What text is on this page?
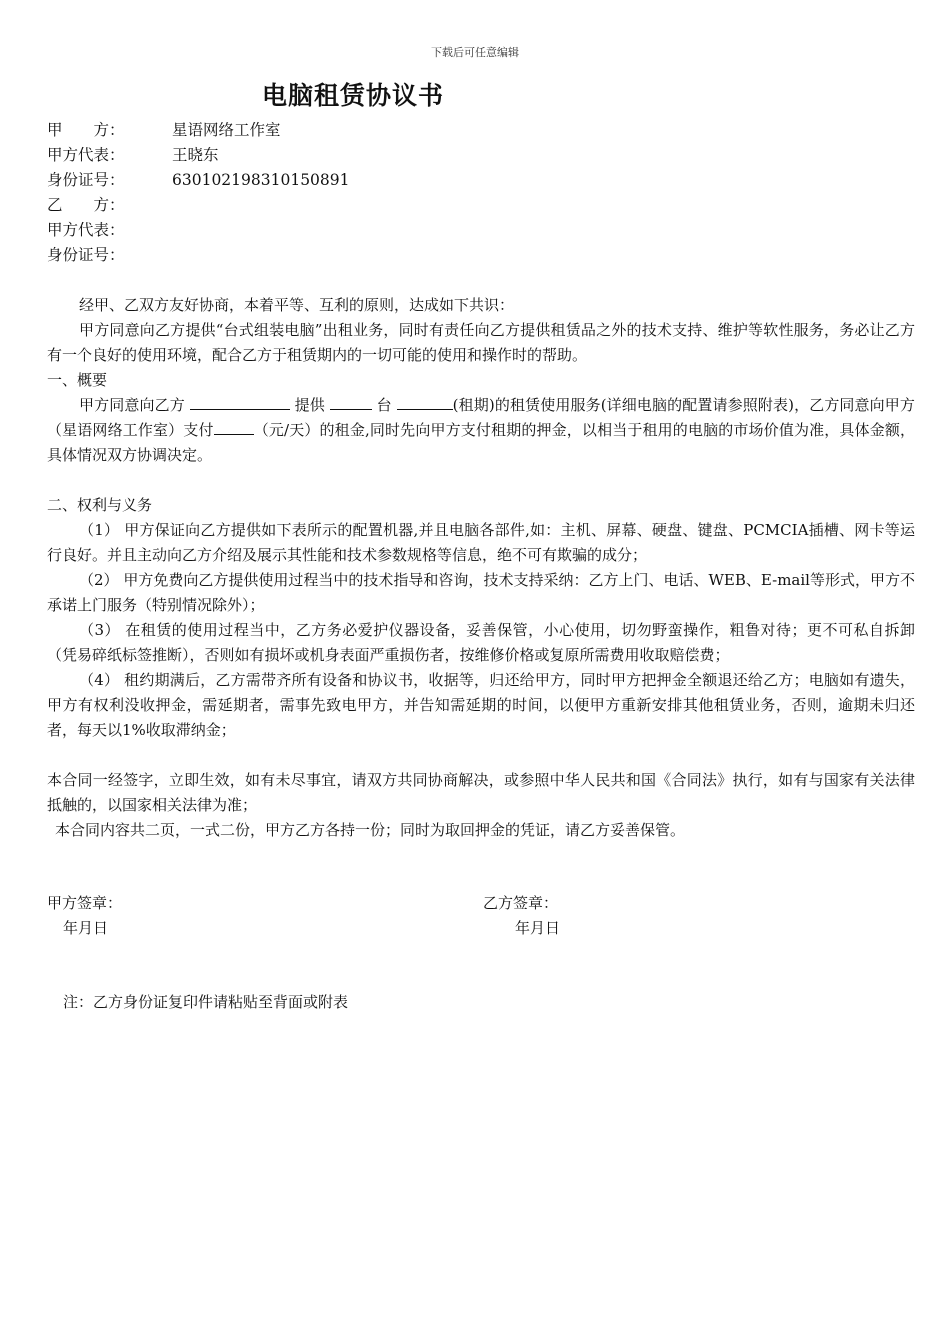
下载后可任意编辑
电脑租赁协议书
甲　　方：	星语网络工作室
甲方代表：	王晓东
身份证号：	630102198310150891
乙　　方：
甲方代表：
身份证号：

经甲、乙双方友好协商，本着平等、互利的原则，达成如下共识：

甲方同意向乙方提供“台式组装电脑”出租业务，同时有责任向乙方提供租赁品之外的技术支持、维护等软性服务，务必让乙方有一个良好的使用环境，配合乙方于租赁期内的一切可能的使用和操作时的帮助。

一、概要

甲方同意向乙方	提供	台	(租期)的租赁使用服务(详细电脑的配置请参照附表)，乙方同意向甲方（星语网络工作室）支付	（元/天）的租金,同时先向甲方支付租期的押金，以相当于租用的电脑的市场价值为准，具体金额，具体情况双方协调决定。

二、权利与义务

（1） 甲方保证向乙方提供如下表所示的配置机器,并且电脑各部件,如：主机、屏幕、硬盘、键盘、PCMCIA插槽、网卡等运行良好。并且主动向乙方介绍及展示其性能和技术参数规格等信息，绝不可有欺骗的成分；

（2） 甲方免费向乙方提供使用过程当中的技术指导和咨询，技术支持采纳：乙方上门、电话、WEB、E-mail等形式，甲方不承诺上门服务（特别情况除外）；

（3） 在租赁的使用过程当中，乙方务必爱护仪器设备，妥善保管，小心使用，切勿野蛮操作，粗鲁对待；更不可私自拆卸（凭易碎纸标签推断），否则如有损坏或机身表面严重损伤者，按维修价格或复原所需费用收取赔偿费；

（4） 租约期满后，乙方需带齐所有设备和协议书，收据等，归还给甲方，同时甲方把押金全额退还给乙方；电脑如有遗失，甲方有权利没收押金，需延期者，需事先致电甲方，并告知需延期的时间，以便甲方重新安排其他租赁业务，否则，逾期未归还者，每天以1%收取滞纳金；

本合同一经签字，立即生效，如有未尽事宜，请双方共同协商解决，或参照中华人民共和国《合同法》执行，如有与国家有关法律抵触的，以国家相关法律为准；

本合同内容共二页，一式二份，甲方乙方各持一份；同时为取回押金的凭证，请乙方妥善保管。

甲方签章：
年月日
乙方签章：
年月日
注：乙方身份证复印件请粘贴至背面或附表
